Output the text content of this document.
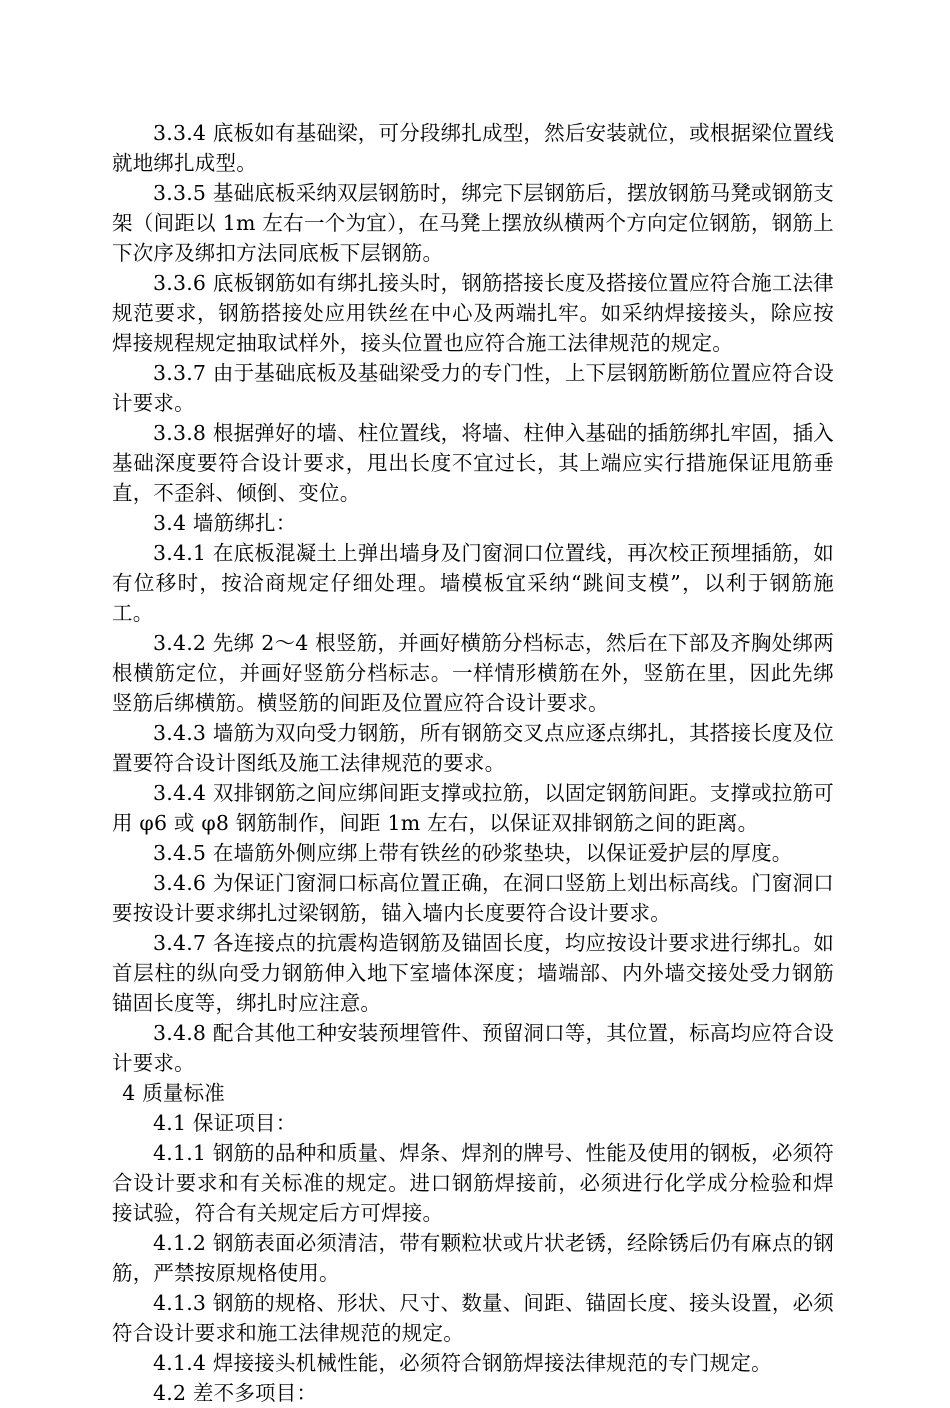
3.3.4 底板如有基础梁，可分段绑扎成型，然后安装就位，或根据梁位置线就地绑扎成型。

3.3.5 基础底板采纳双层钢筋时，绑完下层钢筋后，摆放钢筋马凳或钢筋支架（间距以 1m 左右一个为宜），在马凳上摆放纵横两个方向定位钢筋，钢筋上下次序及绑扣方法同底板下层钢筋。

3.3.6 底板钢筋如有绑扎接头时，钢筋搭接长度及搭接位置应符合施工法律规范要求，钢筋搭接处应用铁丝在中心及两端扎牢。如采纳焊接接头，除应按焊接规程规定抽取试样外，接头位置也应符合施工法律规范的规定。

3.3.7 由于基础底板及基础梁受力的专门性，上下层钢筋断筋位置应符合设计要求。

3.3.8 根据弹好的墙、柱位置线，将墙、柱伸入基础的插筋绑扎牢固，插入基础深度要符合设计要求，甩出长度不宜过长，其上端应实行措施保证甩筋垂直，不歪斜、倾倒、变位。

3.4 墙筋绑扎：

3.4.1 在底板混凝土上弹出墙身及门窗洞口位置线，再次校正预埋插筋，如有位移时，按洽商规定仔细处理。墙模板宜采纳“跳间支模”，以利于钢筋施工。

3.4.2 先绑 2～4 根竖筋，并画好横筋分档标志，然后在下部及齐胸处绑两根横筋定位，并画好竖筋分档标志。一样情形横筋在外，竖筋在里，因此先绑竖筋后绑横筋。横竖筋的间距及位置应符合设计要求。

3.4.3 墙筋为双向受力钢筋，所有钢筋交叉点应逐点绑扎，其搭接长度及位置要符合设计图纸及施工法律规范的要求。

3.4.4 双排钢筋之间应绑间距支撑或拉筋，以固定钢筋间距。支撑或拉筋可用 φ6 或 φ8 钢筋制作，间距 1m 左右，以保证双排钢筋之间的距离。

3.4.5 在墙筋外侧应绑上带有铁丝的砂浆垫块，以保证爱护层的厚度。

3.4.6 为保证门窗洞口标高位置正确，在洞口竖筋上划出标高线。门窗洞口要按设计要求绑扎过梁钢筋，锚入墙内长度要符合设计要求。

3.4.7 各连接点的抗震构造钢筋及锚固长度，均应按设计要求进行绑扎。如首层柱的纵向受力钢筋伸入地下室墙体深度；墙端部、内外墙交接处受力钢筋锚固长度等，绑扎时应注意。

3.4.8 配合其他工种安装预埋管件、预留洞口等，其位置，标高均应符合设计要求。

4 质量标准

4.1 保证项目：

4.1.1 钢筋的品种和质量、焊条、焊剂的牌号、性能及使用的钢板，必须符合设计要求和有关标准的规定。进口钢筋焊接前，必须进行化学成分检验和焊接试验，符合有关规定后方可焊接。

4.1.2 钢筋表面必须清洁，带有颗粒状或片状老锈，经除锈后仍有麻点的钢筋，严禁按原规格使用。

4.1.3 钢筋的规格、形状、尺寸、数量、间距、锚固长度、接头设置，必须符合设计要求和施工法律规范的规定。

4.1.4 焊接接头机械性能，必须符合钢筋焊接法律规范的专门规定。

4.2 差不多项目：
